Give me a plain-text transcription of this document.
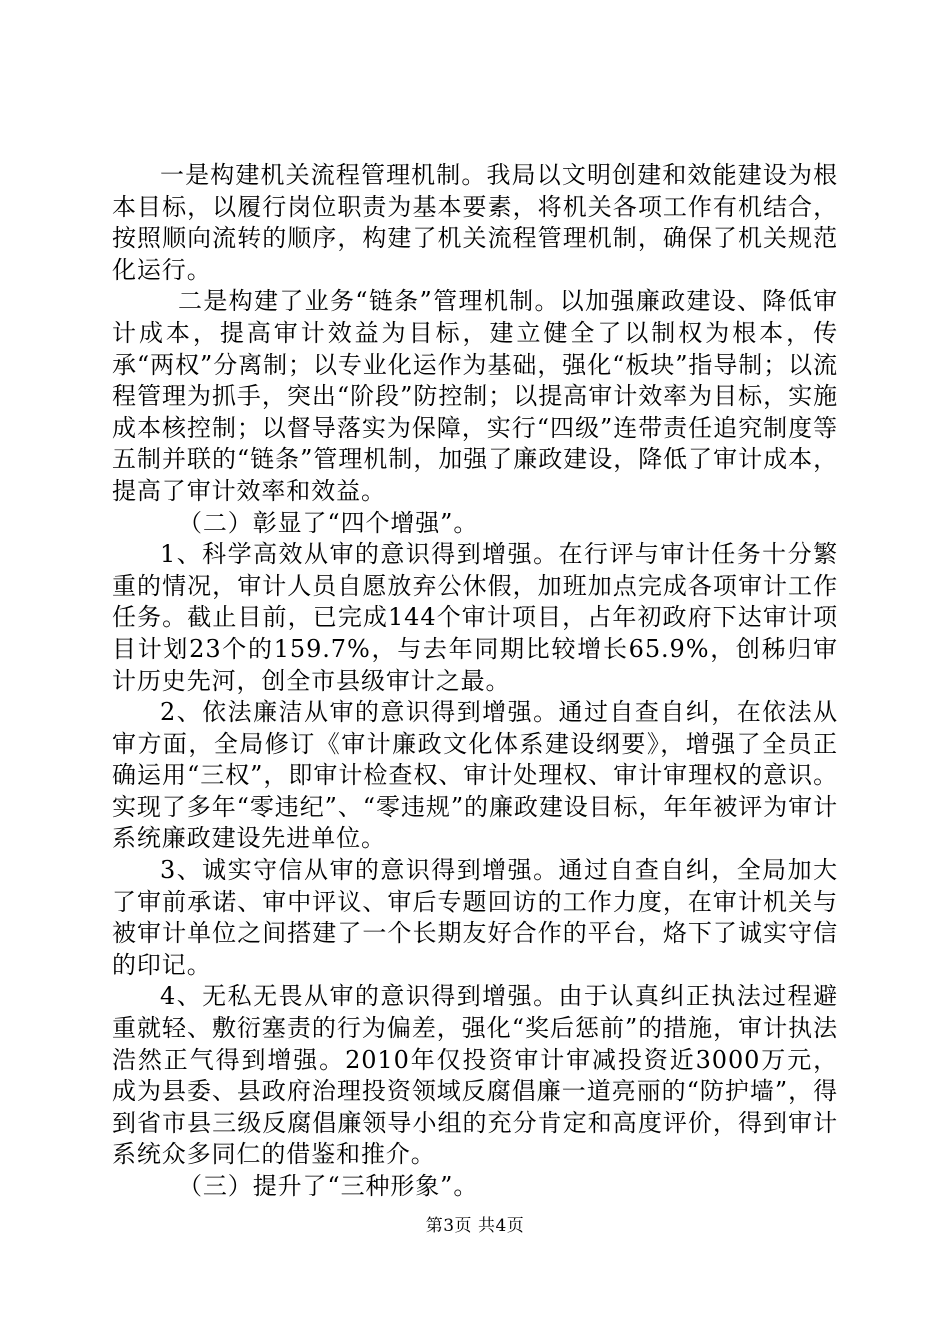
一是构建机关流程管理机制。我局以文明创建和效能建设为根本目标，以履行岗位职责为基本要素，将机关各项工作有机结合，按照顺向流转的顺序，构建了机关流程管理机制，确保了机关规范化运行。

二是构建了业务“链条”管理机制。以加强廉政建设、降低审计成本，提高审计效益为目标，建立健全了以制权为根本，传承“两权”分离制；以专业化运作为基础，强化“板块”指导制；以流程管理为抓手，突出“阶段”防控制；以提高审计效率为目标，实施成本核控制；以督导落实为保障，实行“四级”连带责任追究制度等五制并联的“链条”管理机制，加强了廉政建设，降低了审计成本，提高了审计效率和效益。

（二）彰显了“四个增强”。

1、科学高效从审的意识得到增强。在行评与审计任务十分繁重的情况，审计人员自愿放弃公休假，加班加点完成各项审计工作任务。截止目前，已完成144个审计项目，占年初政府下达审计项目计划23个的159.7%，与去年同期比较增长65.9%，创秭归审计历史先河，创全市县级审计之最。

2、依法廉洁从审的意识得到增强。通过自查自纠，在依法从审方面，全局修订《审计廉政文化体系建设纲要》，增强了全员正确运用“三权”，即审计检查权、审计处理权、审计审理权的意识。实现了多年“零违纪”、“零违规”的廉政建设目标，年年被评为审计系统廉政建设先进单位。

3、诚实守信从审的意识得到增强。通过自查自纠，全局加大了审前承诺、审中评议、审后专题回访的工作力度，在审计机关与被审计单位之间搭建了一个长期友好合作的平台，烙下了诚实守信的印记。

4、无私无畏从审的意识得到增强。由于认真纠正执法过程避重就轻、敷衍塞责的行为偏差，强化“奖后惩前”的措施，审计执法浩然正气得到增强。2010年仅投资审计审减投资近3000万元，成为县委、县政府治理投资领域反腐倡廉一道亮丽的“防护墙”，得到省市县三级反腐倡廉领导小组的充分肯定和高度评价，得到审计系统众多同仁的借鉴和推介。

（三）提升了“三种形象”。

第3页 共4页
